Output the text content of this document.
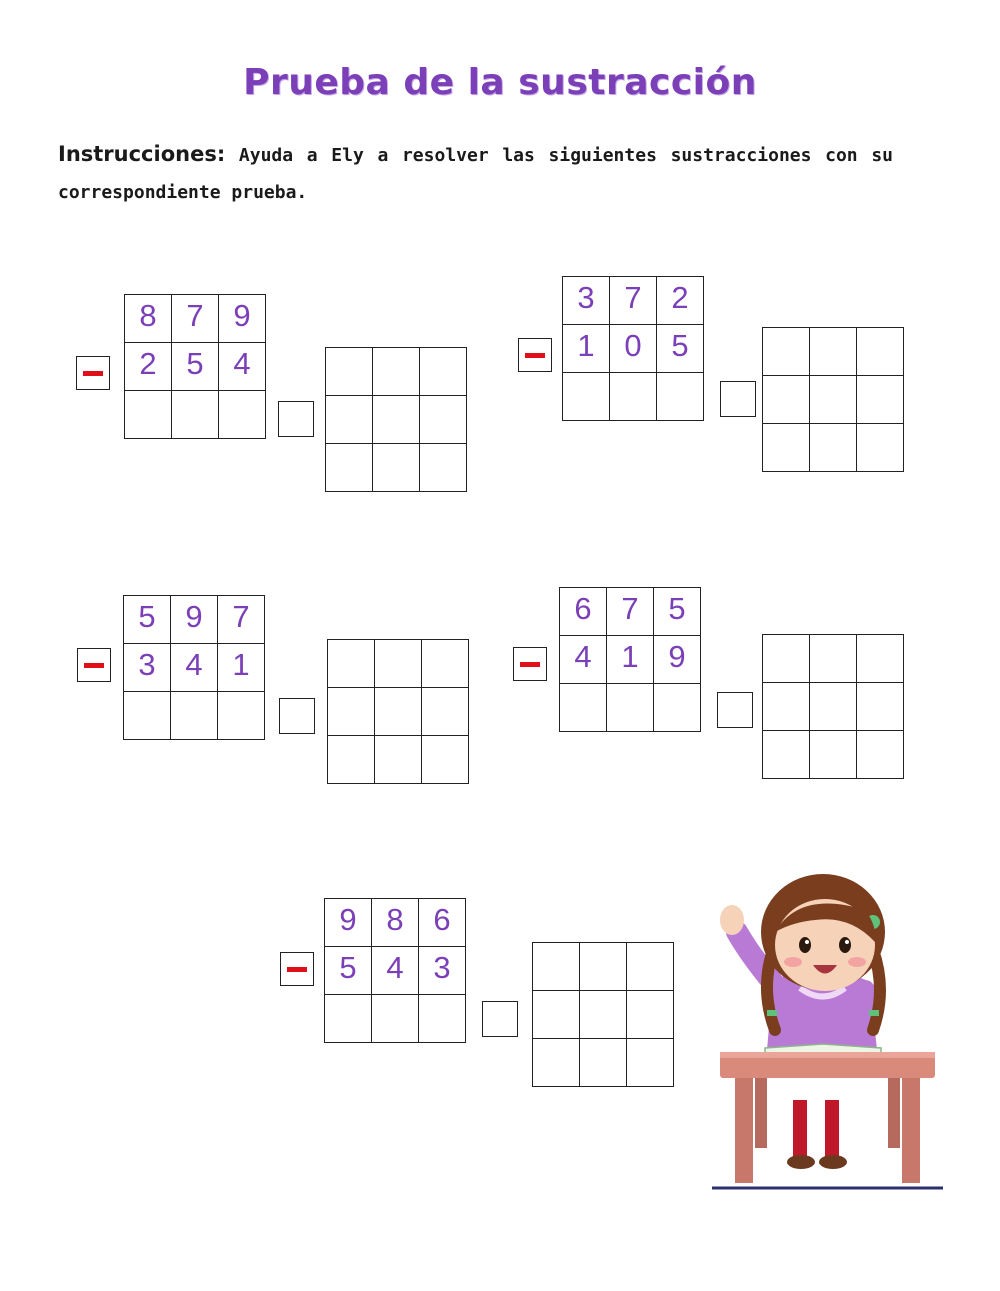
Prueba de la sustracción
Instrucciones: Ayuda a Ely a resolver las siguientes sustracciones con su correspondiente prueba.
8 7 9
2 5 4
3 7 2
1 0 5
5 9 7
3 4 1
6 7 5
4 1 9
9 8 6
5 4 3
